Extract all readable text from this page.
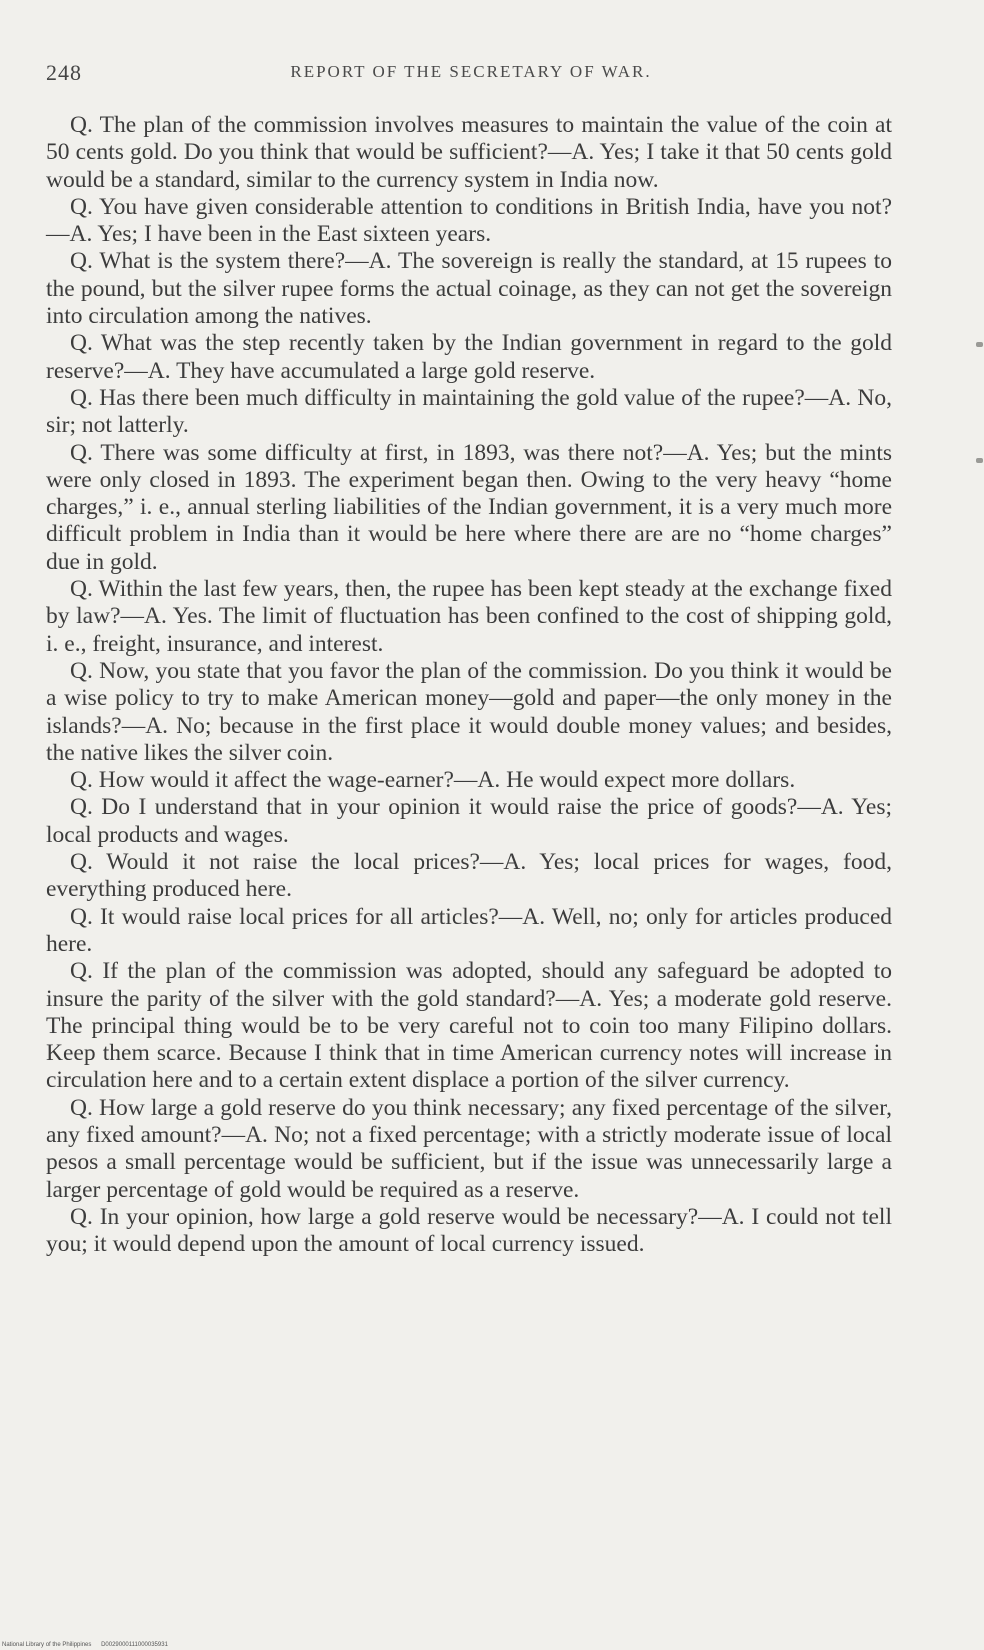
248	REPORT OF THE SECRETARY OF WAR.

Q. The plan of the commission involves measures to maintain the value of the coin at 50 cents gold. Do you think that would be sufficient?—A. Yes; I take it that 50 cents gold would be a standard, similar to the currency system in India now.

Q. You have given considerable attention to conditions in British India, have you not?—A. Yes; I have been in the East sixteen years.

Q. What is the system there?—A. The sovereign is really the standard, at 15 rupees to the pound, but the silver rupee forms the actual coinage, as they can not get the sovereign into circulation among the natives.

Q. What was the step recently taken by the Indian government in regard to the gold reserve?—A. They have accumulated a large gold reserve.

Q. Has there been much difficulty in maintaining the gold value of the rupee?—A. No, sir; not latterly.

Q. There was some difficulty at first, in 1893, was there not?—A. Yes; but the mints were only closed in 1893. The experiment began then. Owing to the very heavy “home charges,” i. e., annual sterling liabilities of the Indian government, it is a very much more difficult problem in India than it would be here where there are are no “home charges” due in gold.

Q. Within the last few years, then, the rupee has been kept steady at the exchange fixed by law?—A. Yes. The limit of fluctuation has been confined to the cost of shipping gold, i. e., freight, insurance, and interest.

Q. Now, you state that you favor the plan of the commission. Do you think it would be a wise policy to try to make American money—gold and paper—the only money in the islands?—A. No; because in the first place it would double money values; and besides, the native likes the silver coin.

Q. How would it affect the wage-earner?—A. He would expect more dollars.

Q. Do I understand that in your opinion it would raise the price of goods?—A. Yes; local products and wages.

Q. Would it not raise the local prices?—A. Yes; local prices for wages, food, everything produced here.

Q. It would raise local prices for all articles?—A. Well, no; only for articles produced here.

Q. If the plan of the commission was adopted, should any safeguard be adopted to insure the parity of the silver with the gold standard?—A. Yes; a moderate gold reserve. The principal thing would be to be very careful not to coin too many Filipino dollars. Keep them scarce. Because I think that in time American currency notes will increase in circulation here and to a certain extent displace a portion of the silver currency.

Q. How large a gold reserve do you think necessary; any fixed percentage of the silver, any fixed amount?—A. No; not a fixed percentage; with a strictly moderate issue of local pesos a small percentage would be sufficient, but if the issue was unnecessarily large a larger percentage of gold would be required as a reserve.

Q. In your opinion, how large a gold reserve would be necessary?—A. I could not tell you; it would depend upon the amount of local currency issued.

National Library of the Philippines D0029000111000035931
